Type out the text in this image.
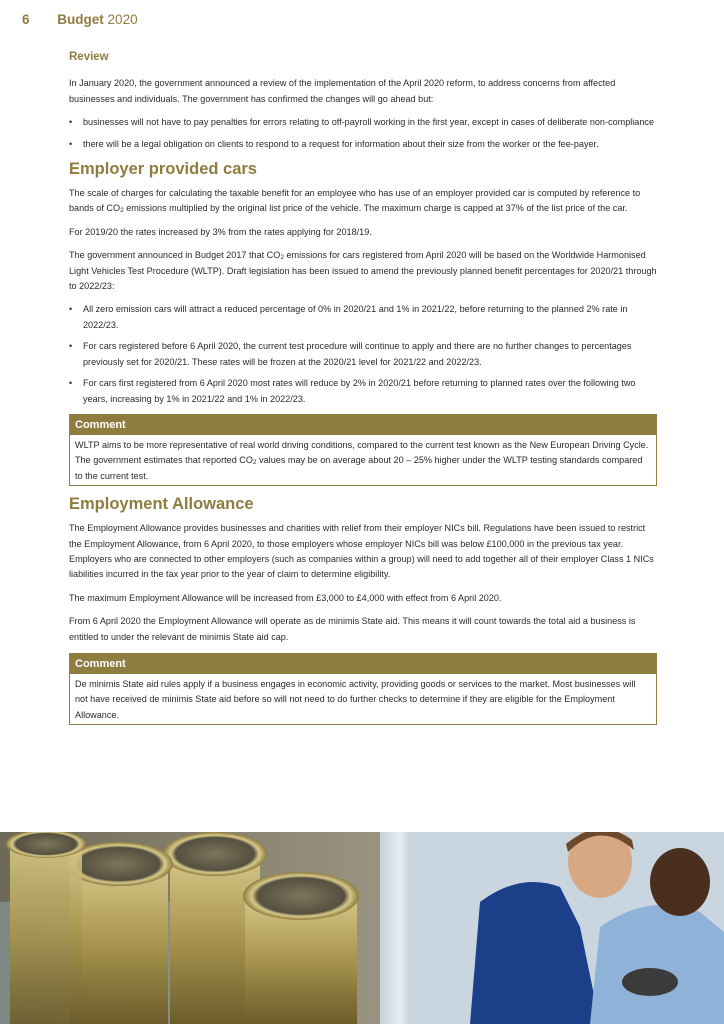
6 Budget 2020
Review

In January 2020, the government announced a review of the implementation of the April 2020 reform, to address concerns from affected businesses and individuals. The government has confirmed the changes will go ahead but:

• businesses will not have to pay penalties for errors relating to off-payroll working in the first year, except in cases of deliberate non-compliance
• there will be a legal obligation on clients to respond to a request for information about their size from the worker or the fee-payer.
Employer provided cars

The scale of charges for calculating the taxable benefit for an employee who has use of an employer provided car is computed by reference to bands of $CO_2$ emissions multiplied by the original list price of the vehicle. The maximum charge is capped at 37% of the list price of the car.

For 2019/20 the rates increased by 3% from the rates applying for 2018/19.

The government announced in Budget 2017 that $CO_2$ emissions for cars registered from April 2020 will be based on the Worldwide Harmonised Light Vehicles Test Procedure (WLTP). Draft legislation has been issued to amend the previously planned benefit percentages for 2020/21 through to 2022/23:

• All zero emission cars will attract a reduced percentage of 0% in 2020/21 and 1% in 2021/22, before returning to the planned 2% rate in 2022/23.
• For cars registered before 6 April 2020, the current test procedure will continue to apply and there are no further changes to percentages previously set for 2020/21. These rates will be frozen at the 2020/21 level for 2021/22 and 2022/23.
• For cars first registered from 6 April 2020 most rates will reduce by 2% in 2020/21 before returning to planned rates over the following two years, increasing by 1% in 2021/22 and 1% in 2022/23.
Comment
WLTP aims to be more representative of real world driving conditions, compared to the current test known as the New European Driving Cycle. The government estimates that reported $CO_2$ values may be on average about 20 – 25% higher under the WLTP testing standards compared to the current test.
Employment Allowance

The Employment Allowance provides businesses and charities with relief from their employer NICs bill. Regulations have been issued to restrict the Employment Allowance, from 6 April 2020, to those employers whose employer NICs bill was below £100,000 in the previous tax year. Employers who are connected to other employers (such as companies within a group) will need to add together all of their employer Class 1 NICs liabilities incurred in the tax year prior to the year of claim to determine eligibility.

The maximum Employment Allowance will be increased from £3,000 to £4,000 with effect from 6 April 2020.

From 6 April 2020 the Employment Allowance will operate as de minimis State aid. This means it will count towards the total aid a business is entitled to under the relevant de minimis State aid cap.

Comment
De minimis State aid rules apply if a business engages in economic activity, providing goods or services to the market. Most businesses will not have received de minimis State aid before so will not need to do further checks to determine if they are eligible for the Employment Allowance.
